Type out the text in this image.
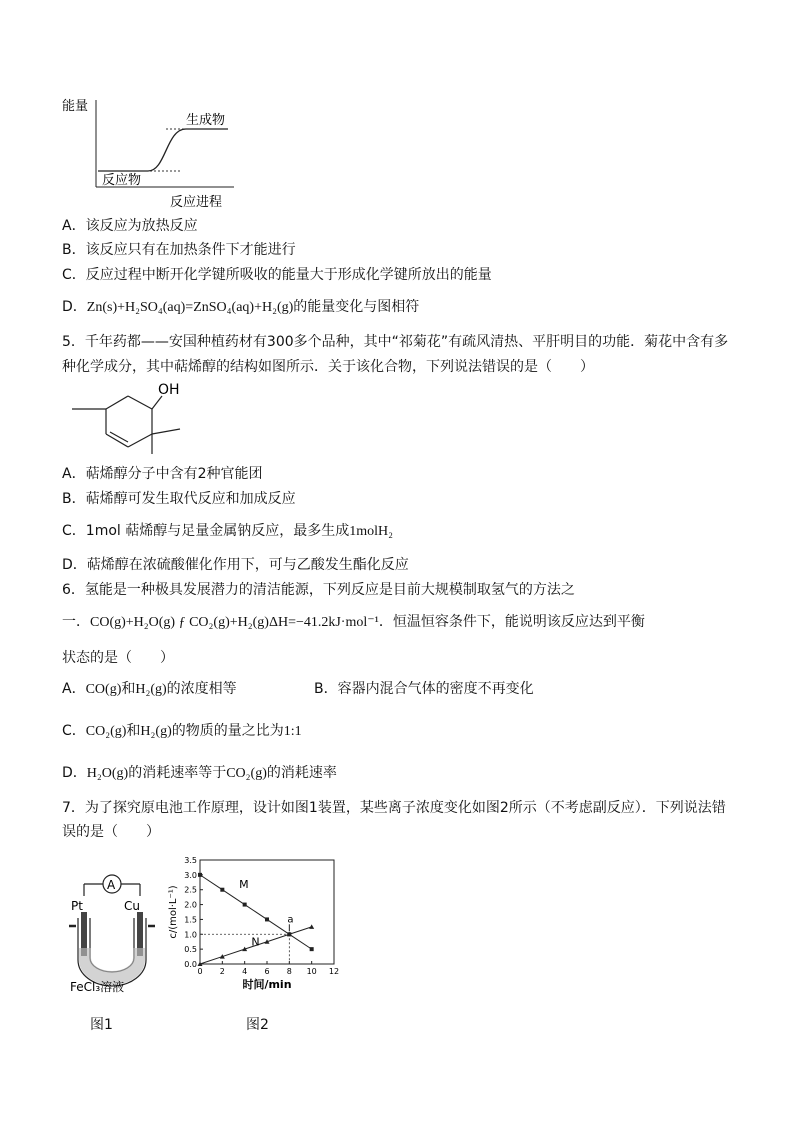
能量
生成物
反应物
反应进程
A．该反应为放热反应
B．该反应只有在加热条件下才能进行
C．反应过程中断开化学键所吸收的能量大于形成化学键所放出的能量
D．Zn(s)+H₂SO₄(aq)=ZnSO₄(aq)+H₂(g)的能量变化与图相符
5．千年药都——安国种植药材有300多个品种，其中“祁菊花”有疏风清热、平肝明目的功能．菊花中含有多
种化学成分，其中萜烯醇的结构如图所示．关于该化合物，下列说法错误的是（　　）
OH
A．萜烯醇分子中含有2种官能团
B．萜烯醇可发生取代反应和加成反应
C．1mol 萜烯醇与足量金属钠反应，最多生成1molH₂
D．萜烯醇在浓硫酸催化作用下，可与乙酸发生酯化反应
6．氢能是一种极具发展潜力的清洁能源，下列反应是目前大规模制取氢气的方法之
一．CO(g)+H₂O(g) ƒ CO₂(g)+H₂(g)ΔH=−41.2kJ·mol⁻¹．恒温恒容条件下，能说明该反应达到平衡
状态的是（　　）
A．CO(g)和H₂(g)的浓度相等	B．容器内混合气体的密度不再变化
C．CO₂(g)和H₂(g)的物质的量之比为1:1
D．H₂O(g)的消耗速率等于CO₂(g)的消耗速率
7．为了探究原电池工作原理，设计如图1装置，某些离子浓度变化如图2所示（不考虑副反应）．下列说法错
误的是（　　）
A
Pt	Cu
FeCl₃溶液
图1
0 2 4 6 8 10 12
0.0
0.5
1.0
1.5
2.0
2.5
3.0
3.5
时间/min
c/(mol·L⁻¹)
M
N
a
图2
